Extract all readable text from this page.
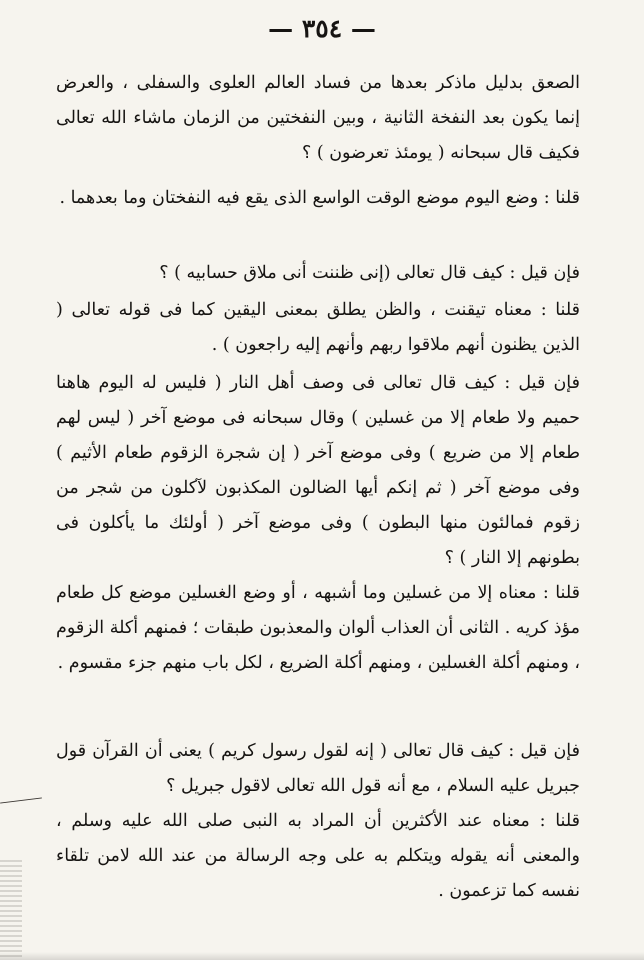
— ٣٥٤ —

الصعق بدليل ماذكر بعدها من فساد العالم العلوى والسفلى ، والعرض إنما يكون بعد النفخة الثانية ، وبين النفختين من الزمان ماشاء الله تعالى فكيف قال سبحانه ( يومئذ تعرضون ) ؟

قلنا : وضع اليوم موضع الوقت الواسع الذى يقع فيه النفختان وما بعدهما .

فإن قيل : كيف قال تعالى (إنى ظننت أنى ملاق حسابيه ) ؟

قلنا : معناه تيقنت ، والظن يطلق بمعنى اليقين كما فى قوله تعالى ( الذين يظنون أنهم ملاقوا ربهم وأنهم إليه راجعون ) .

فإن قيل : كيف قال تعالى فى وصف أهل النار ( فليس له اليوم هاهنا حميم ولا طعام إلا من غسلين ) وقال سبحانه فى موضع آخر ( ليس لهم طعام إلا من ضريع ) وفى موضع آخر ( إن شجرة الزقوم طعام الأثيم ) وفى موضع آخر ( ثم إنكم أيها الضالون المكذبون لآكلون من شجر من زقوم فمالئون منها البطون ) وفى موضع آخر ( أولئك ما يأكلون فى بطونهم إلا النار ) ؟

قلنا : معناه إلا من غسلين وما أشبهه ، أو وضع الغسلين موضع كل طعام مؤذ كريه . الثانى أن العذاب ألوان والمعذبون طبقات ؛ فمنهم أكلة الزقوم ، ومنهم أكلة الغسلين ، ومنهم أكلة الضريع ، لكل باب منهم جزء مقسوم .

فإن قيل : كيف قال تعالى ( إنه لقول رسول كريم ) يعنى أن القرآن قول جبريل عليه السلام ، مع أنه قول الله تعالى لاقول جبريل ؟

قلنا : معناه عند الأكثرين أن المراد به النبى صلى الله عليه وسلم ، والمعنى أنه يقوله ويتكلم به على وجه الرسالة من عند الله لامن تلقاء نفسه كما تزعمون .
